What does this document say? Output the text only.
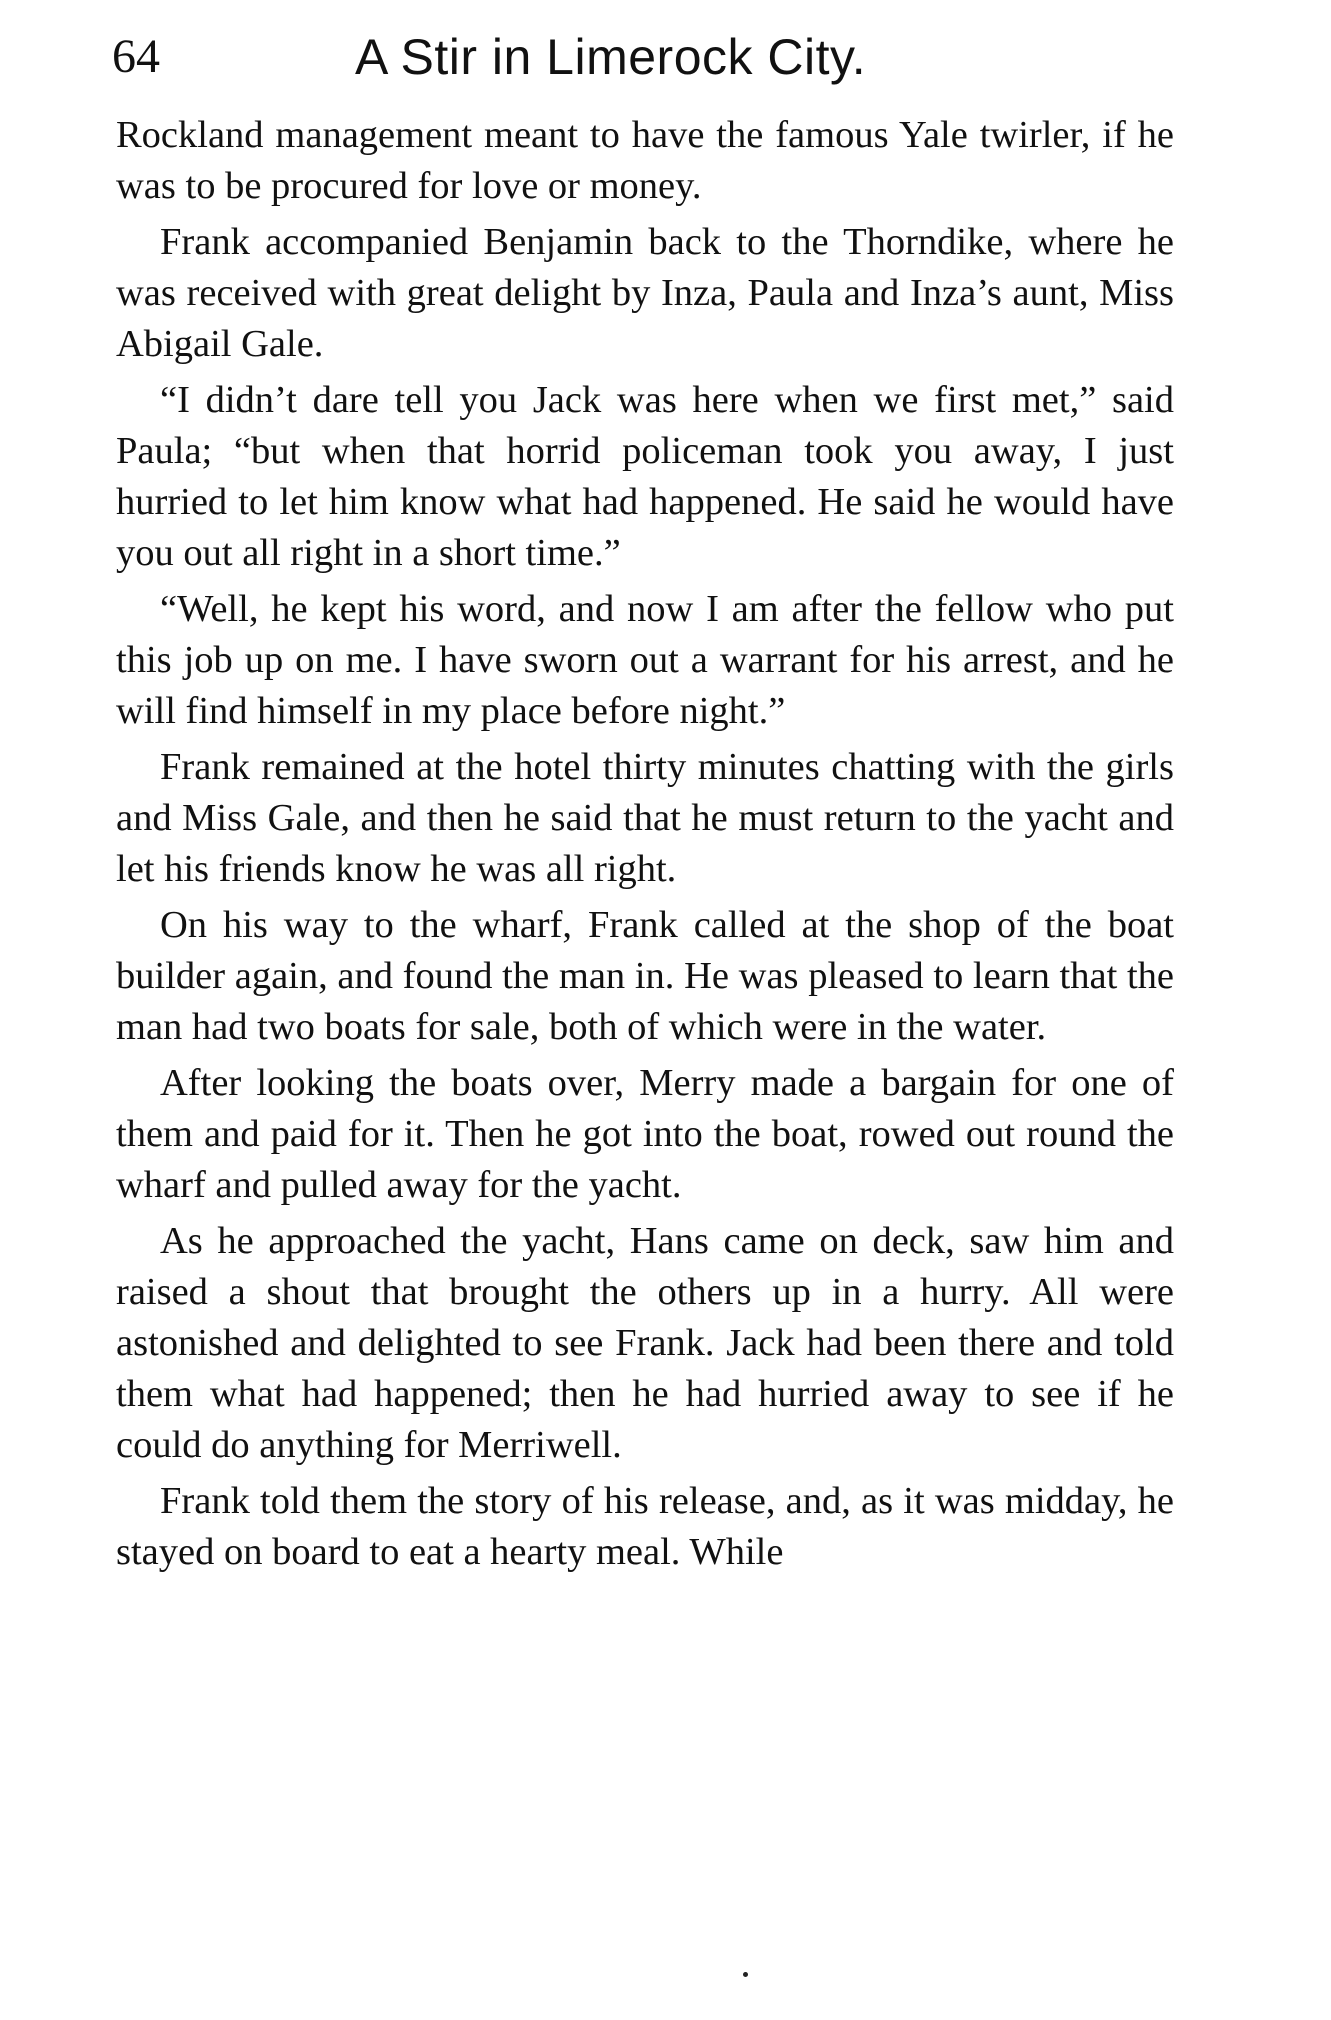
64	A Stir in Limerock City.

Rockland management meant to have the famous Yale twirler, if he was to be procured for love or money.

Frank accompanied Benjamin back to the Thorndike, where he was received with great delight by Inza, Paula and Inza’s aunt, Miss Abigail Gale.

“I didn’t dare tell you Jack was here when we first met,” said Paula; “but when that horrid policeman took you away, I just hurried to let him know what had happened. He said he would have you out all right in a short time.”

“Well, he kept his word, and now I am after the fellow who put this job up on me. I have sworn out a warrant for his arrest, and he will find himself in my place before night.”

Frank remained at the hotel thirty minutes chatting with the girls and Miss Gale, and then he said that he must return to the yacht and let his friends know he was all right.

On his way to the wharf, Frank called at the shop of the boat builder again, and found the man in. He was pleased to learn that the man had two boats for sale, both of which were in the water.

After looking the boats over, Merry made a bargain for one of them and paid for it. Then he got into the boat, rowed out round the wharf and pulled away for the yacht.

As he approached the yacht, Hans came on deck, saw him and raised a shout that brought the others up in a hurry. All were astonished and delighted to see Frank. Jack had been there and told them what had happened; then he had hurried away to see if he could do anything for Merriwell.

Frank told them the story of his release, and, as it was midday, he stayed on board to eat a hearty meal. While
